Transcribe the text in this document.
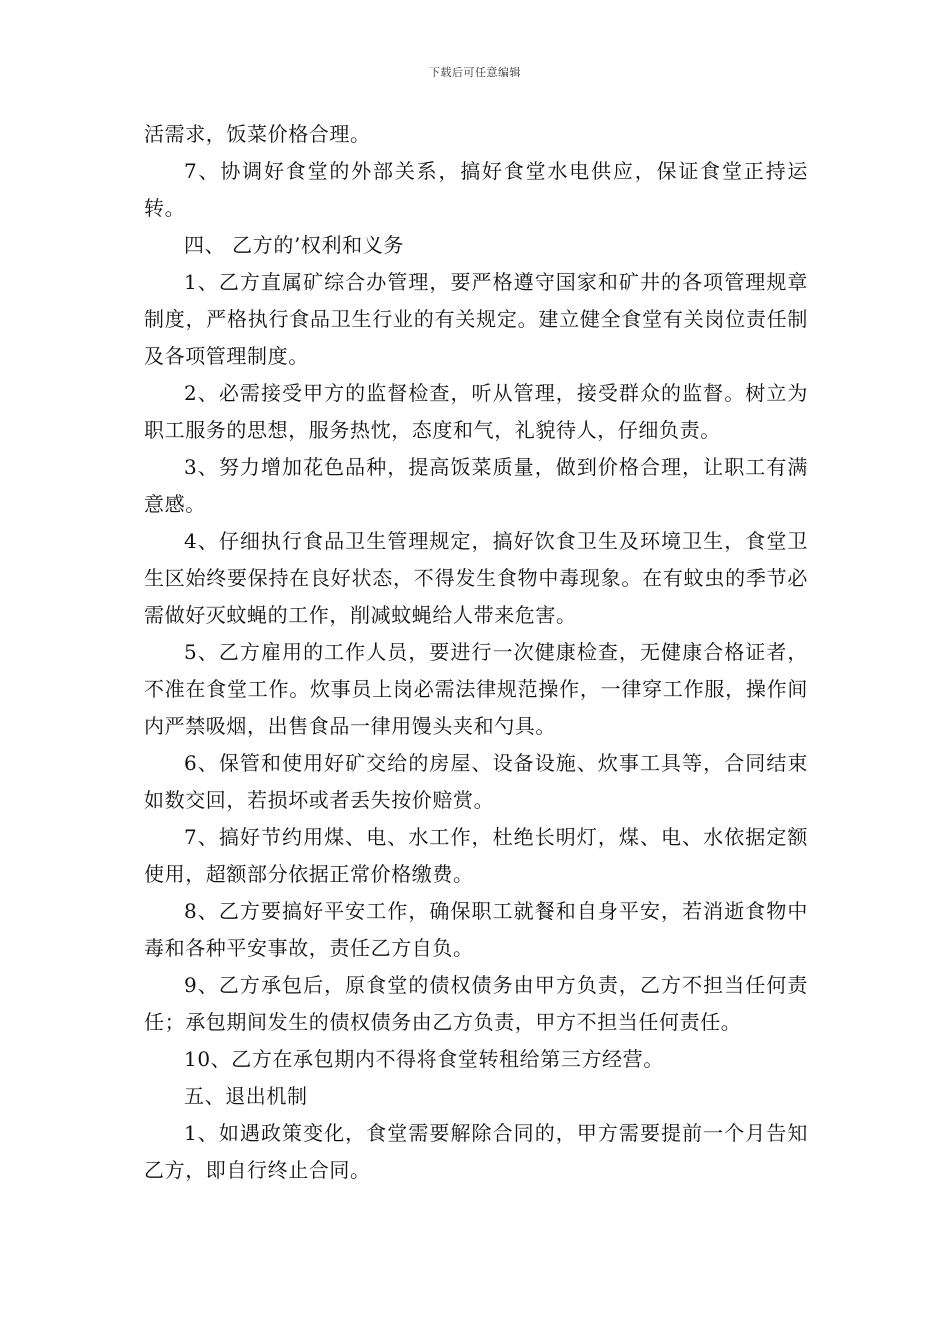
下载后可任意编辑

活需求，饭菜价格合理。

7、协调好食堂的外部关系，搞好食堂水电供应，保证食堂正持运转。

四、 乙方的’权利和义务

1、乙方直属矿综合办管理，要严格遵守国家和矿井的各项管理规章制度，严格执行食品卫生行业的有关规定。建立健全食堂有关岗位责任制及各项管理制度。

2、必需接受甲方的监督检查，听从管理，接受群众的监督。树立为职工服务的思想，服务热忱，态度和气，礼貌待人，仔细负责。

3、努力增加花色品种，提高饭菜质量，做到价格合理，让职工有满意感。

4、仔细执行食品卫生管理规定，搞好饮食卫生及环境卫生，食堂卫生区始终要保持在良好状态，不得发生食物中毒现象。在有蚊虫的季节必需做好灭蚊蝇的工作，削减蚊蝇给人带来危害。

5、乙方雇用的工作人员，要进行一次健康检查，无健康合格证者，不准在食堂工作。炊事员上岗必需法律规范操作，一律穿工作服，操作间内严禁吸烟，出售食品一律用馒头夹和勺具。

6、保管和使用好矿交给的房屋、设备设施、炊事工具等，合同结束如数交回，若损坏或者丢失按价赔赏。

7、搞好节约用煤、电、水工作，杜绝长明灯，煤、电、水依据定额使用，超额部分依据正常价格缴费。

8、乙方要搞好平安工作，确保职工就餐和自身平安，若消逝食物中毒和各种平安事故，责任乙方自负。

9、乙方承包后，原食堂的债权债务由甲方负责，乙方不担当任何责任；承包期间发生的债权债务由乙方负责，甲方不担当任何责任。

10、乙方在承包期内不得将食堂转租给第三方经营。

五、退出机制

1、如遇政策变化，食堂需要解除合同的，甲方需要提前一个月告知乙方，即自行终止合同。
